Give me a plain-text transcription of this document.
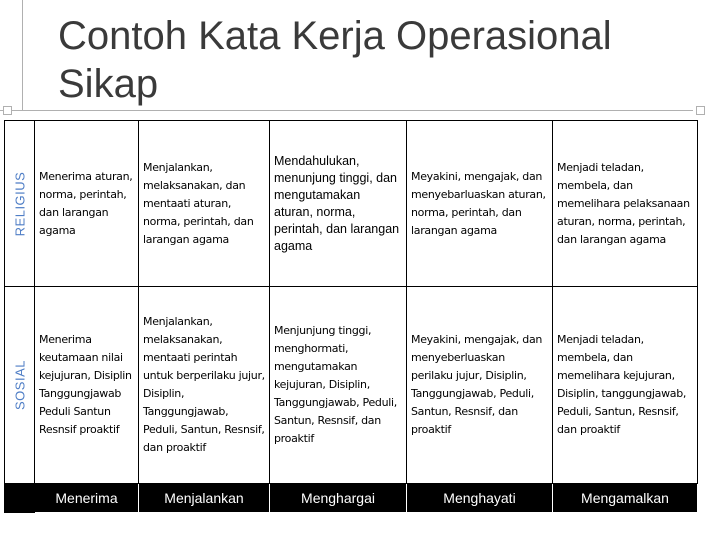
Contoh Kata Kerja Operasional Sikap
RELIGIUS	Menerima aturan, norma, perintah, dan larangan agama	Menjalankan, melaksanakan, dan mentaati aturan, norma, perintah, dan larangan agama	Mendahulukan, menunjung tinggi, dan mengutamakan aturan, norma, perintah, dan larangan agama	Meyakini, mengajak, dan menyebarluaskan aturan, norma, perintah, dan larangan agama	Menjadi teladan, membela, dan memelihara pelaksanaan aturan, norma, perintah, dan larangan agama

SOSIAL	Menerima keutamaan nilai kejujuran, Disiplin Tanggungjawab Peduli Santun Resnsif proaktif	Menjalankan, melaksanakan, mentaati perintah untuk berperilaku jujur, Disiplin, Tanggungjawab, Peduli, Santun, Resnsif, dan proaktif	Menjunjung tinggi, menghormati, mengutamakan kejujuran, Disiplin, Tanggungjawab, Peduli, Santun, Resnsif, dan proaktif	Meyakini, mengajak, dan menyeberluaskan perilaku jujur, Disiplin, Tanggungjawab, Peduli, Santun, Resnsif, dan proaktif	Menjadi teladan, membela, dan memelihara kejujuran, Disiplin, tanggungjawab, Peduli, Santun, Resnsif, dan proaktif
	Menerima	Menjalankan	Menghargai	Menghayati	Mengamalkan
